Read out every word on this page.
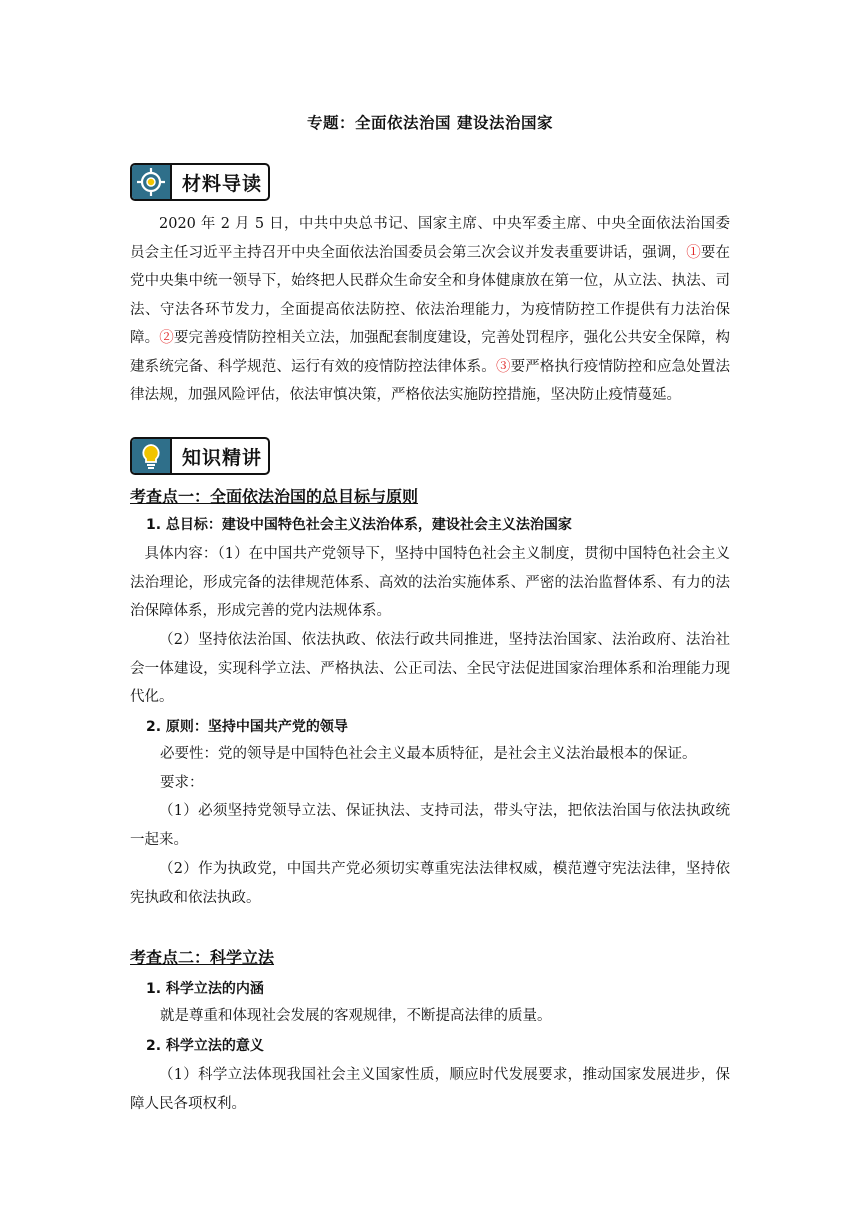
专题：全面依法治国 建设法治国家
材料导读
2020 年 2 月 5 日，中共中央总书记、国家主席、中央军委主席、中央全面依法治国委员会主任习近平主持召开中央全面依法治国委员会第三次会议并发表重要讲话，强调，①要在党中央集中统一领导下，始终把人民群众生命安全和身体健康放在第一位，从立法、执法、司法、守法各环节发力，全面提高依法防控、依法治理能力，为疫情防控工作提供有力法治保障。②要完善疫情防控相关立法，加强配套制度建设，完善处罚程序，强化公共安全保障，构建系统完备、科学规范、运行有效的疫情防控法律体系。③要严格执行疫情防控和应急处置法律法规，加强风险评估，依法审慎决策，严格依法实施防控措施，坚决防止疫情蔓延。
知识精讲
考查点一：全面依法治国的总目标与原则
1. 总目标：建设中国特色社会主义法治体系，建设社会主义法治国家
具体内容：（1）在中国共产党领导下，坚持中国特色社会主义制度，贯彻中国特色社会主义法治理论，形成完备的法律规范体系、高效的法治实施体系、严密的法治监督体系、有力的法治保障体系，形成完善的党内法规体系。
（2）坚持依法治国、依法执政、依法行政共同推进，坚持法治国家、法治政府、法治社会一体建设，实现科学立法、严格执法、公正司法、全民守法促进国家治理体系和治理能力现代化。
2. 原则：坚持中国共产党的领导
必要性：党的领导是中国特色社会主义最本质特征，是社会主义法治最根本的保证。
要求：
（1）必须坚持党领导立法、保证执法、支持司法，带头守法，把依法治国与依法执政统一起来。
（2）作为执政党，中国共产党必须切实尊重宪法法律权威，模范遵守宪法法律，坚持依宪执政和依法执政。
考查点二：科学立法
1. 科学立法的内涵
就是尊重和体现社会发展的客观规律，不断提高法律的质量。
2. 科学立法的意义
（1）科学立法体现我国社会主义国家性质，顺应时代发展要求，推动国家发展进步，保障人民各项权利。
